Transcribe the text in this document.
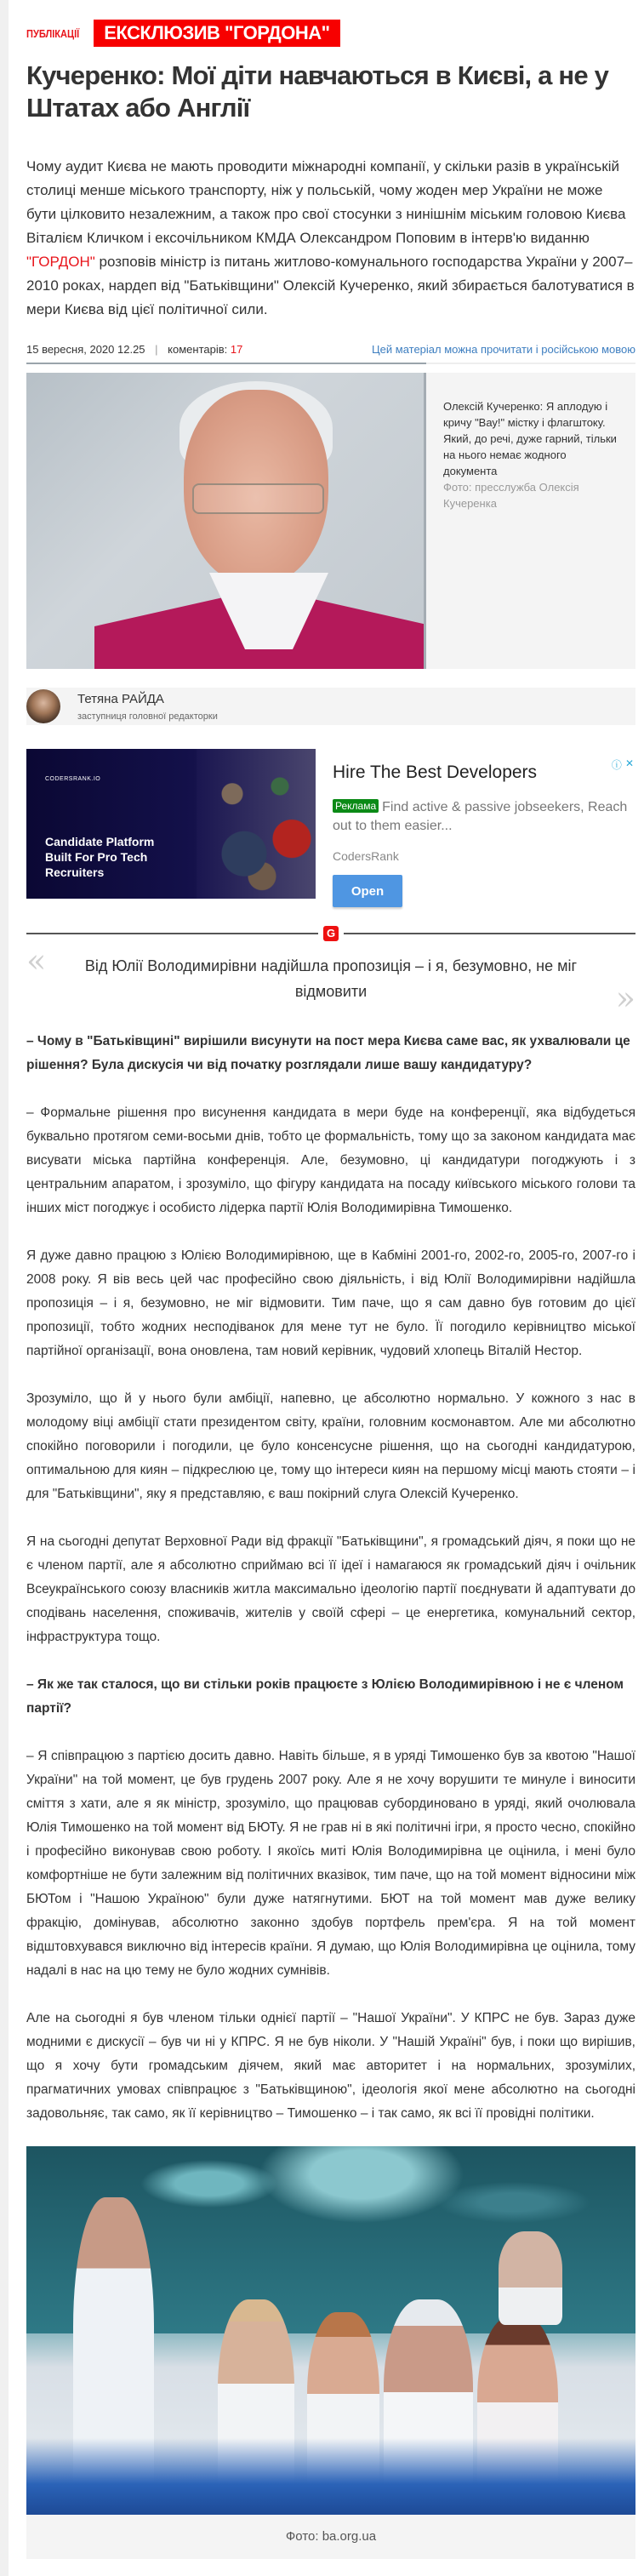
ПУБЛІКАЦІЇ	ЕКСКЛЮЗИВ "ГОРДОНА"
Кучеренко: Мої діти навчаються в Києві, а не у Штатах або Англії
Чому аудит Києва не мають проводити міжнародні компанії, у скільки разів в українській столиці менше міського транспорту, ніж у польській, чому жоден мер України не може бути цілковито незалежним, а також про свої стосунки з нинішнім міським головою Києва Віталієм Кличком і ексочільником КМДА Олександром Поповим в інтерв'ю виданню "ГОРДОН" розповів міністр із питань житлово-комунального господарства України у 2007–2010 роках, нардеп від "Батьківщини" Олексій Кучеренко, який збирається балотуватися в мери Києва від цієї політичної сили.
15 вересня, 2020 12.25 | коментарів: 17	Цей матеріал можна прочитати і російською мовою
Олексій Кучеренко: Я аплодую і кричу "Вау!" містку і флагштоку. Який, до речі, дуже гарний, тільки на нього немає жодного документа
Фото: пресслужба Олексія Кучеренка
Тетяна РАЙДА
заступниця головної редакторки
CODERSRANK.IO
Candidate Platform Built For Pro Tech Recruiters
Hire The Best Developers
Реклама Find active & passive jobseekers, Reach out to them easier...
CodersRank
Open
ⓘ ✕
G
«	Від Юлії Володимирівни надійшла пропозиція – і я, безумовно, не міг відмовити	»

– Чому в "Батьківщині" вирішили висунути на пост мера Києва саме вас, як ухвалювали це рішення? Була дискусія чи від початку розглядали лише вашу кандидатуру?

– Формальне рішення про висунення кандидата в мери буде на конференції, яка відбудеться буквально протягом семи-восьми днів, тобто це формальність, тому що за законом кандидата має висувати міська партійна конференція. Але, безумовно, ці кандидатури погоджують і з центральним апаратом, і зрозуміло, що фігуру кандидата на посаду київського міського голови та інших міст погоджує і особисто лідерка партії Юлія Володимирівна Тимошенко.

Я дуже давно працюю з Юлією Володимирівною, ще в Кабміні 2001-го, 2002-го, 2005-го, 2007-го і 2008 року. Я вів весь цей час професійно свою діяльність, і від Юлії Володимирівни надійшла пропозиція – і я, безумовно, не міг відмовити. Тим паче, що я сам давно був готовим до цієї пропозиції, тобто жодних несподіванок для мене тут не було. Її погодило керівництво міської партійної організації, вона оновлена, там новий керівник, чудовий хлопець Віталій Нестор.

Зрозуміло, що й у нього були амбіції, напевно, це абсолютно нормально. У кожного з нас в молодому віці амбіції стати президентом світу, країни, головним космонавтом. Але ми абсолютно спокійно поговорили і погодили, це було консенсусне рішення, що на сьогодні кандидатурою, оптимальною для киян – підкреслюю це, тому що інтереси киян на першому місці мають стояти – і для "Батьківщини", яку я представляю, є ваш покірний слуга Олексій Кучеренко.

Я на сьогодні депутат Верховної Ради від фракції "Батьківщини", я громадський діяч, я поки що не є членом партії, але я абсолютно сприймаю всі її ідеї і намагаюся як громадський діяч і очільник Всеукраїнського союзу власників житла максимально ідеологію партії поєднувати й адаптувати до сподівань населення, споживачів, жителів у своїй сфері – це енергетика, комунальний сектор, інфраструктура тощо.

– Як же так сталося, що ви стільки років працюєте з Юлією Володимирівною і не є членом партії?

– Я співпрацюю з партією досить давно. Навіть більше, я в уряді Тимошенко був за квотою "Нашої України" на той момент, це був грудень 2007 року. Але я не хочу ворушити те минуле і виносити сміття з хати, але я як міністр, зрозуміло, що працював субординовано в уряді, який очолювала Юлія Тимошенко на той момент від БЮТу. Я не грав ні в які політичні ігри, я просто чесно, спокійно і професійно виконував свою роботу. І якоїсь миті Юлія Володимирівна це оцінила, і мені було комфортніше не бути залежним від політичних вказівок, тим паче, що на той момент відносини між БЮТом і "Нашою Україною" були дуже натягнутими. БЮТ на той момент мав дуже велику фракцію, домінував, абсолютно законно здобув портфель прем'єра. Я на той момент відштовхувався виключно від інтересів країни. Я думаю, що Юлія Володимирівна це оцінила, тому надалі в нас на цю тему не було жодних сумнівів.

Але на сьогодні я був членом тільки однієї партії – "Нашої України". У КПРС не був. Зараз дуже модними є дискусії – був чи ні у КПРС. Я не був ніколи. У "Нашій Україні" був, і поки що вирішив, що я хочу бути громадським діячем, який має авторитет і на нормальних, зрозумілих, прагматичних умовах співпрацює з "Батьківщиною", ідеологія якої мене абсолютно на сьогодні задовольняє, так само, як її керівництво – Тимошенко – і так само, як всі її провідні політики.

Фото: ba.org.ua
